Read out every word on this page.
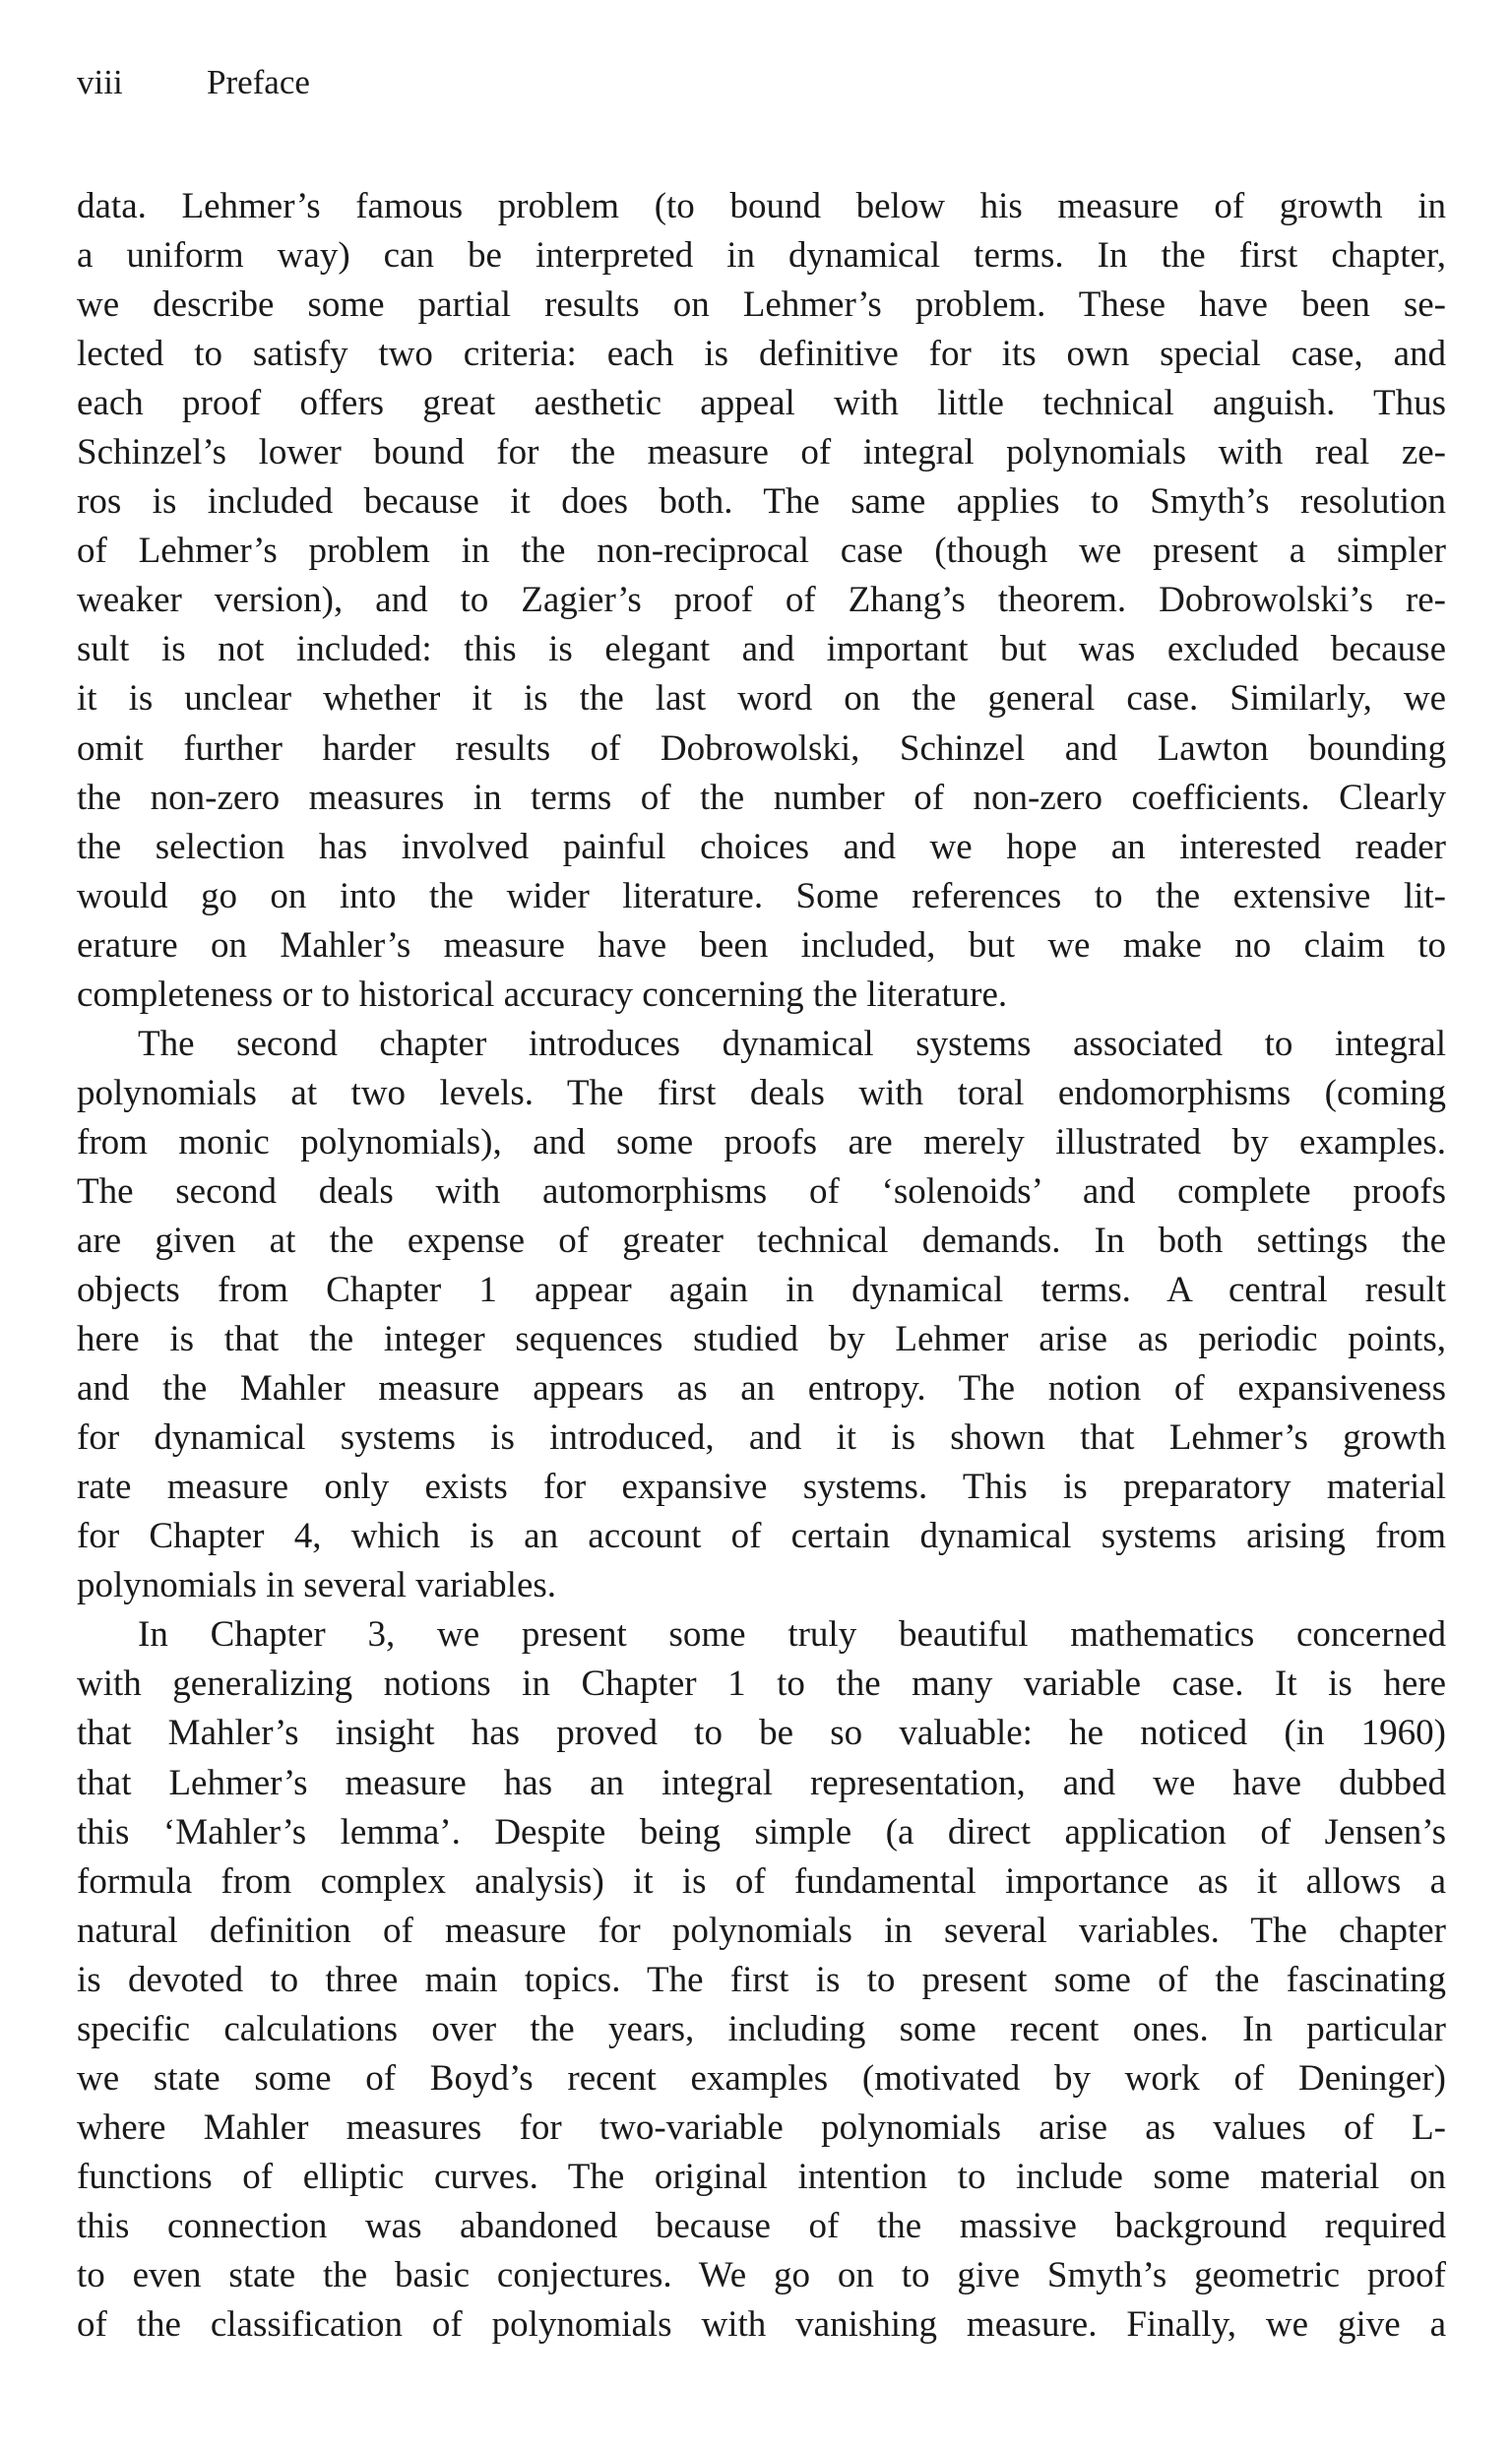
viii Preface
data. Lehmer’s famous problem (to bound below his measure of growth in
a uniform way) can be interpreted in dynamical terms. In the first chapter,
we describe some partial results on Lehmer’s problem. These have been se-
lected to satisfy two criteria: each is definitive for its own special case, and
each proof offers great aesthetic appeal with little technical anguish. Thus
Schinzel’s lower bound for the measure of integral polynomials with real ze-
ros is included because it does both. The same applies to Smyth’s resolution
of Lehmer’s problem in the non-reciprocal case (though we present a simpler
weaker version), and to Zagier’s proof of Zhang’s theorem. Dobrowolski’s re-
sult is not included: this is elegant and important but was excluded because
it is unclear whether it is the last word on the general case. Similarly, we
omit further harder results of Dobrowolski, Schinzel and Lawton bounding
the non-zero measures in terms of the number of non-zero coefficients. Clearly
the selection has involved painful choices and we hope an interested reader
would go on into the wider literature. Some references to the extensive lit-
erature on Mahler’s measure have been included, but we make no claim to
completeness or to historical accuracy concerning the literature.
The second chapter introduces dynamical systems associated to integral
polynomials at two levels. The first deals with toral endomorphisms (coming
from monic polynomials), and some proofs are merely illustrated by examples.
The second deals with automorphisms of ‘solenoids’ and complete proofs
are given at the expense of greater technical demands. In both settings the
objects from Chapter 1 appear again in dynamical terms. A central result
here is that the integer sequences studied by Lehmer arise as periodic points,
and the Mahler measure appears as an entropy. The notion of expansiveness
for dynamical systems is introduced, and it is shown that Lehmer’s growth
rate measure only exists for expansive systems. This is preparatory material
for Chapter 4, which is an account of certain dynamical systems arising from
polynomials in several variables.
In Chapter 3, we present some truly beautiful mathematics concerned
with generalizing notions in Chapter 1 to the many variable case. It is here
that Mahler’s insight has proved to be so valuable: he noticed (in 1960)
that Lehmer’s measure has an integral representation, and we have dubbed
this ‘Mahler’s lemma’. Despite being simple (a direct application of Jensen’s
formula from complex analysis) it is of fundamental importance as it allows a
natural definition of measure for polynomials in several variables. The chapter
is devoted to three main topics. The first is to present some of the fascinating
specific calculations over the years, including some recent ones. In particular
we state some of Boyd’s recent examples (motivated by work of Deninger)
where Mahler measures for two-variable polynomials arise as values of L-
functions of elliptic curves. The original intention to include some material on
this connection was abandoned because of the massive background required
to even state the basic conjectures. We go on to give Smyth’s geometric proof
of the classification of polynomials with vanishing measure. Finally, we give a
